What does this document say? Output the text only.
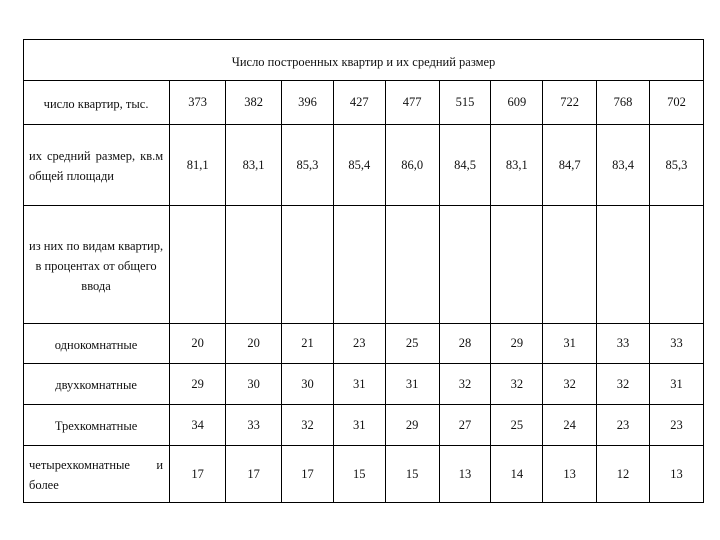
Число построенных квартир и их средний размер										
число квартир, тыс.	373	382	396	427	477	515	609	722	768	702
их средний размер, кв.м общей площади	81,1	83,1	85,3	85,4	86,0	84,5	83,1	84,7	83,4	85,3
из них по видам квартир, в процентах от общего ввода										
однокомнатные	20	20	21	23	25	28	29	31	33	33
двухкомнатные	29	30	30	31	31	32	32	32	32	31
Трехкомнатные	34	33	32	31	29	27	25	24	23	23
четырехкомнатные и более	17	17	17	15	15	13	14	13	12	13
